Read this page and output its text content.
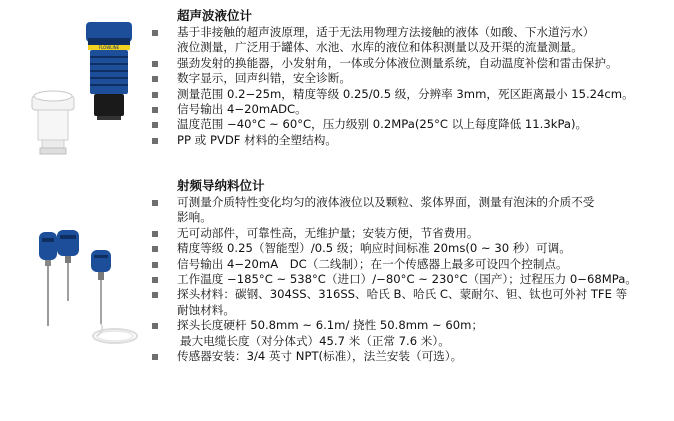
FLOWLINE
超声波液位计
基于非接触的超声波原理，适于无法用物理方法接触的液体（如酸、下水道污水）
液位测量，广泛用于罐体、水池、水库的液位和体积测量以及开渠的流量测量。
强劲发射的换能器，小发射角，一体或分体液位测量系统，自动温度补偿和雷击保护。
数字显示，回声纠错，安全诊断。
测量范围 0.2−25m，精度等级 0.25/0.5 级，分辨率 3mm，死区距离最小 15.24cm。
信号输出 4−20mADC。
温度范围 −40°C ~ 60°C，压力级别 0.2MPa(25°C 以上每度降低 11.3kPa)。
PP 或 PVDF 材料的全塑结构。
射频导纳料位计
可测量介质特性变化均匀的液体液位以及颗粒、浆体界面，测量有泡沫的介质不受
影响。
无可动部件，可靠性高，无维护量；安装方便，节省费用。
精度等级 0.25（智能型）/0.5 级；响应时间标准 20ms(0 ~ 30 秒）可调。
信号输出 4−20mA　DC（二线制）；在一个传感器上最多可设四个控制点。
工作温度 −185°C ~ 538°C（进口）/−80°C ~ 230°C（国产）；过程压力 0−68MPa。
探头材料：碳钢、304SS、316SS、哈氏 B、哈氏 C、蒙耐尔、钽、钛也可外衬 TFE 等
耐蚀材料。
探头长度硬杆 50.8mm ~ 6.1m/ 挠性 50.8mm ~ 60m；
最大电缆长度（对分体式）45.7 米（正常 7.6 米）。
传感器安装：3/4 英寸 NPT(标准），法兰安装（可选）。
